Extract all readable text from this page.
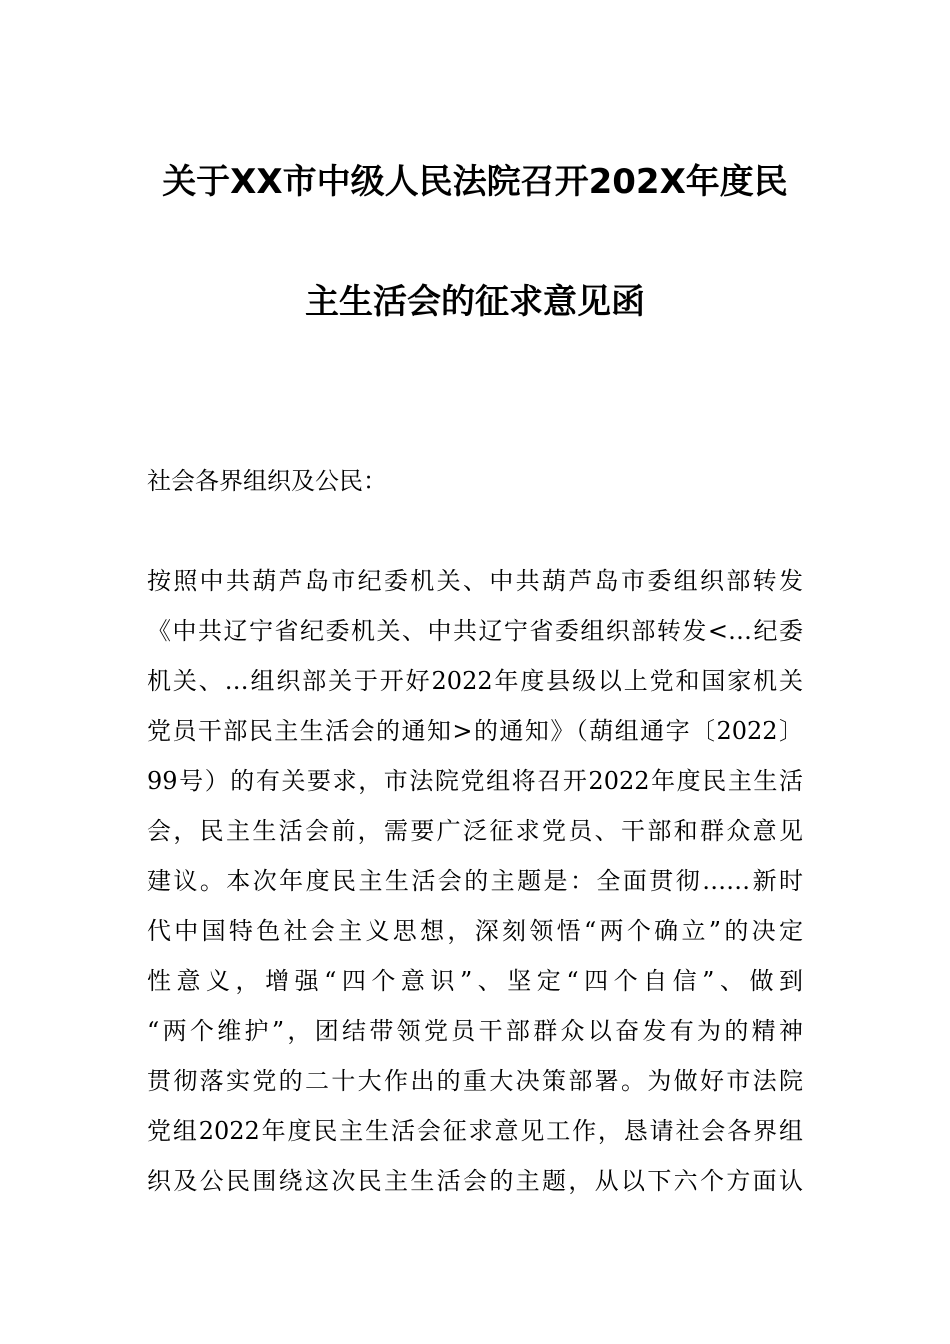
关于XX市中级人民法院召开202X年度民
主生活会的征求意见函
社会各界组织及公民：
按照中共葫芦岛市纪委机关、中共葫芦岛市委组织部转发
《中共辽宁省纪委机关、中共辽宁省委组织部转发<…纪委
机关、…组织部关于开好2022年度县级以上党和国家机关
党员干部民主生活会的通知>的通知》（葫组通字〔2022〕
99号）的有关要求，市法院党组将召开2022年度民主生活
会，民主生活会前，需要广泛征求党员、干部和群众意见
建议。本次年度民主生活会的主题是：全面贯彻……新时
代中国特色社会主义思想，深刻领悟“两个确立”的决定
性意义，增强“四个意识”、坚定“四个自信”、做到
“两个维护”，团结带领党员干部群众以奋发有为的精神
贯彻落实党的二十大作出的重大决策部署。为做好市法院
党组2022年度民主生活会征求意见工作，恳请社会各界组
织及公民围绕这次民主生活会的主题，从以下六个方面认
